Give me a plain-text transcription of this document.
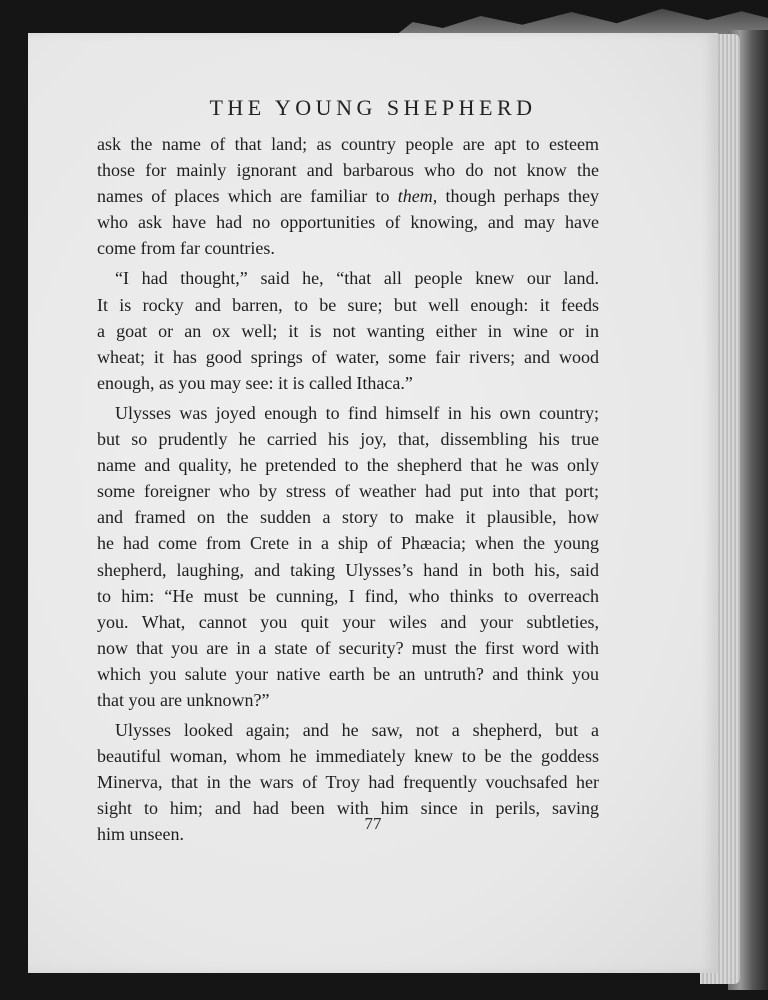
THE YOUNG SHEPHERD
ask the name of that land; as country people are apt to esteem
those for mainly ignorant and barbarous who do not know the
names of places which are familiar to them, though perhaps they
who ask have had no opportunities of knowing, and may have
come from far countries.
“I had thought,” said he, “that all people knew our land.
It is rocky and barren, to be sure; but well enough: it feeds
a goat or an ox well; it is not wanting either in wine or in
wheat; it has good springs of water, some fair rivers; and wood
enough, as you may see: it is called Ithaca.”
Ulysses was joyed enough to find himself in his own country;
but so prudently he carried his joy, that, dissembling his true
name and quality, he pretended to the shepherd that he was only
some foreigner who by stress of weather had put into that port;
and framed on the sudden a story to make it plausible, how
he had come from Crete in a ship of Phæacia; when the young
shepherd, laughing, and taking Ulysses’s hand in both his, said
to him: “He must be cunning, I find, who thinks to overreach
you. What, cannot you quit your wiles and your subtleties,
now that you are in a state of security? must the first word with
which you salute your native earth be an untruth? and think you
that you are unknown?”
Ulysses looked again; and he saw, not a shepherd, but a
beautiful woman, whom he immediately knew to be the goddess
Minerva, that in the wars of Troy had frequently vouchsafed her
sight to him; and had been with him since in perils, saving
him unseen.
77
